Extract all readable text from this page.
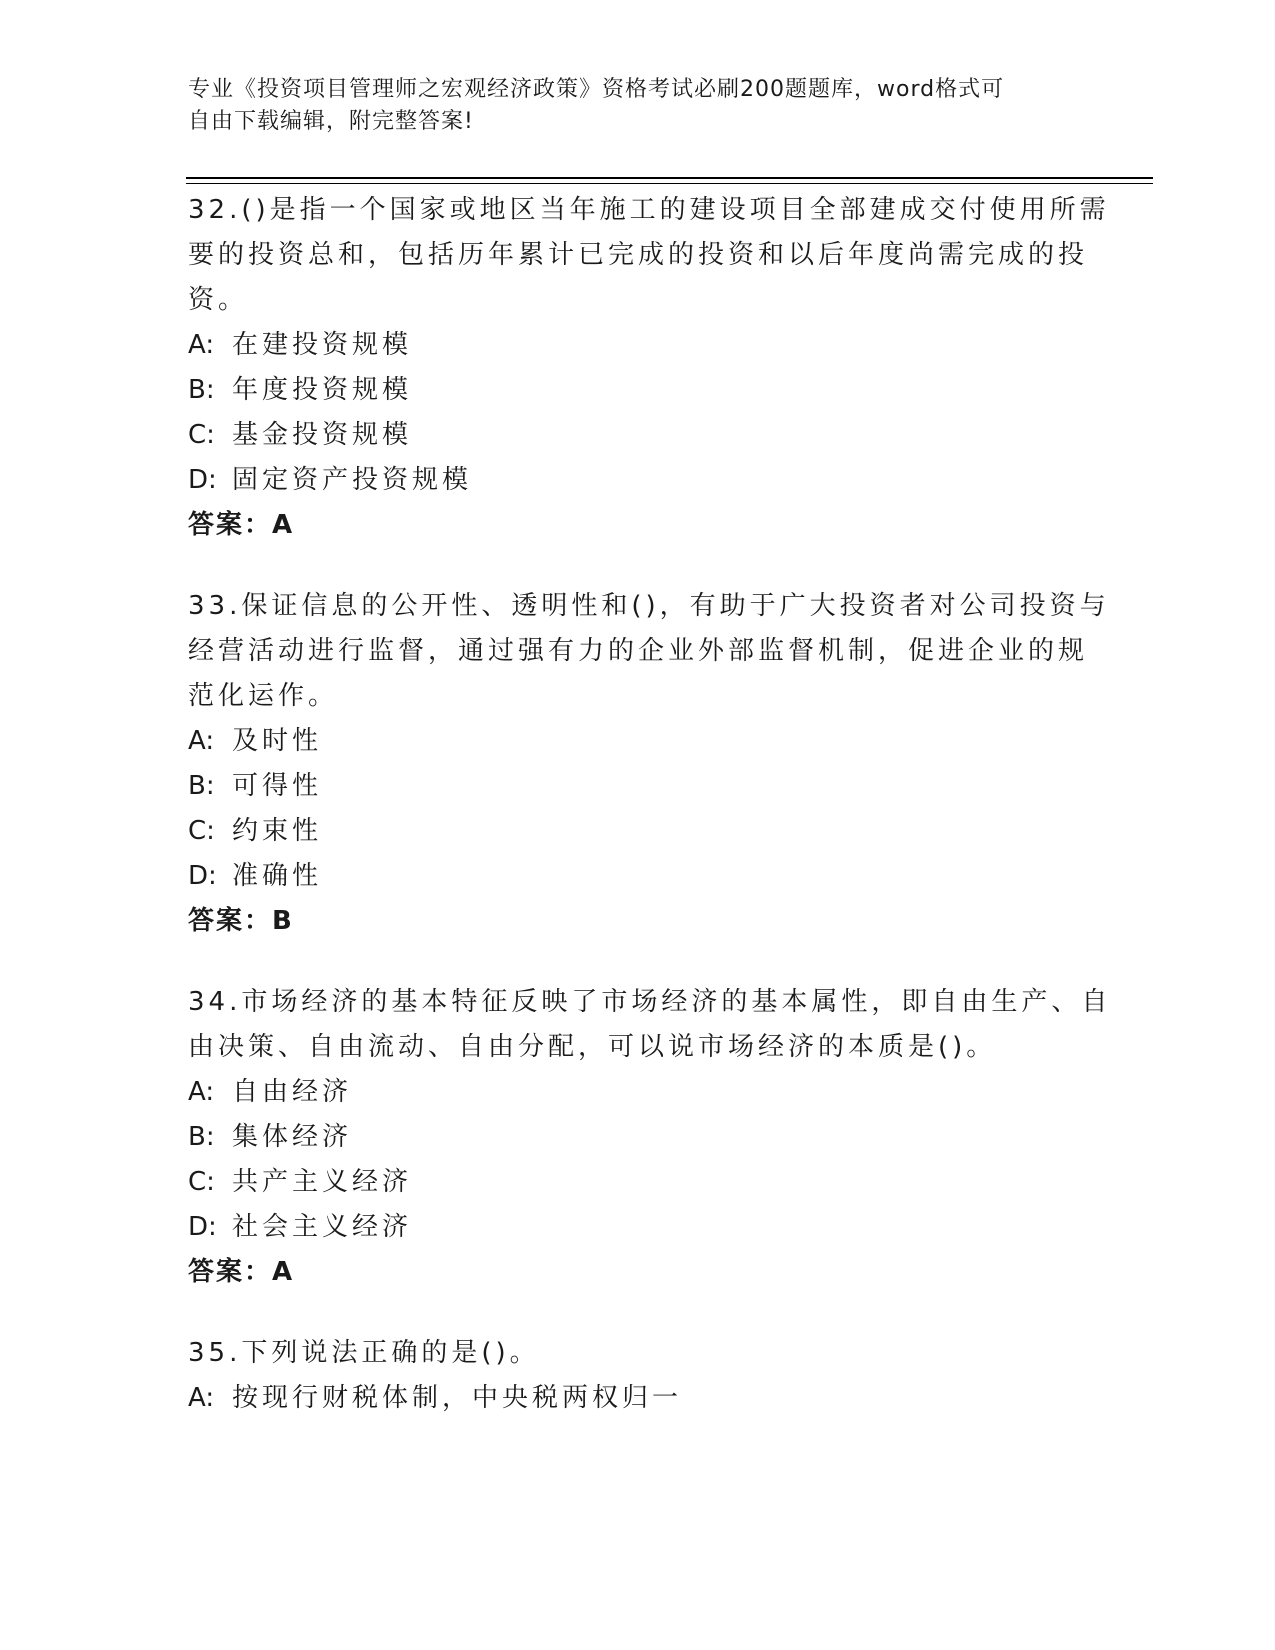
专业《投资项目管理师之宏观经济政策》资格考试必刷200题题库，word格式可
自由下载编辑，附完整答案!
32.()是指一个国家或地区当年施工的建设项目全部建成交付使用所需
要的投资总和，包括历年累计已完成的投资和以后年度尚需完成的投
资。
A: 在建投资规模
B: 年度投资规模
C: 基金投资规模
D: 固定资产投资规模
答案：A
33.保证信息的公开性、透明性和()，有助于广大投资者对公司投资与
经营活动进行监督，通过强有力的企业外部监督机制，促进企业的规
范化运作。
A: 及时性
B: 可得性
C: 约束性
D: 准确性
答案：B
34.市场经济的基本特征反映了市场经济的基本属性，即自由生产、自
由决策、自由流动、自由分配，可以说市场经济的本质是()。
A: 自由经济
B: 集体经济
C: 共产主义经济
D: 社会主义经济
答案：A
35.下列说法正确的是()。
A: 按现行财税体制，中央税两权归一
